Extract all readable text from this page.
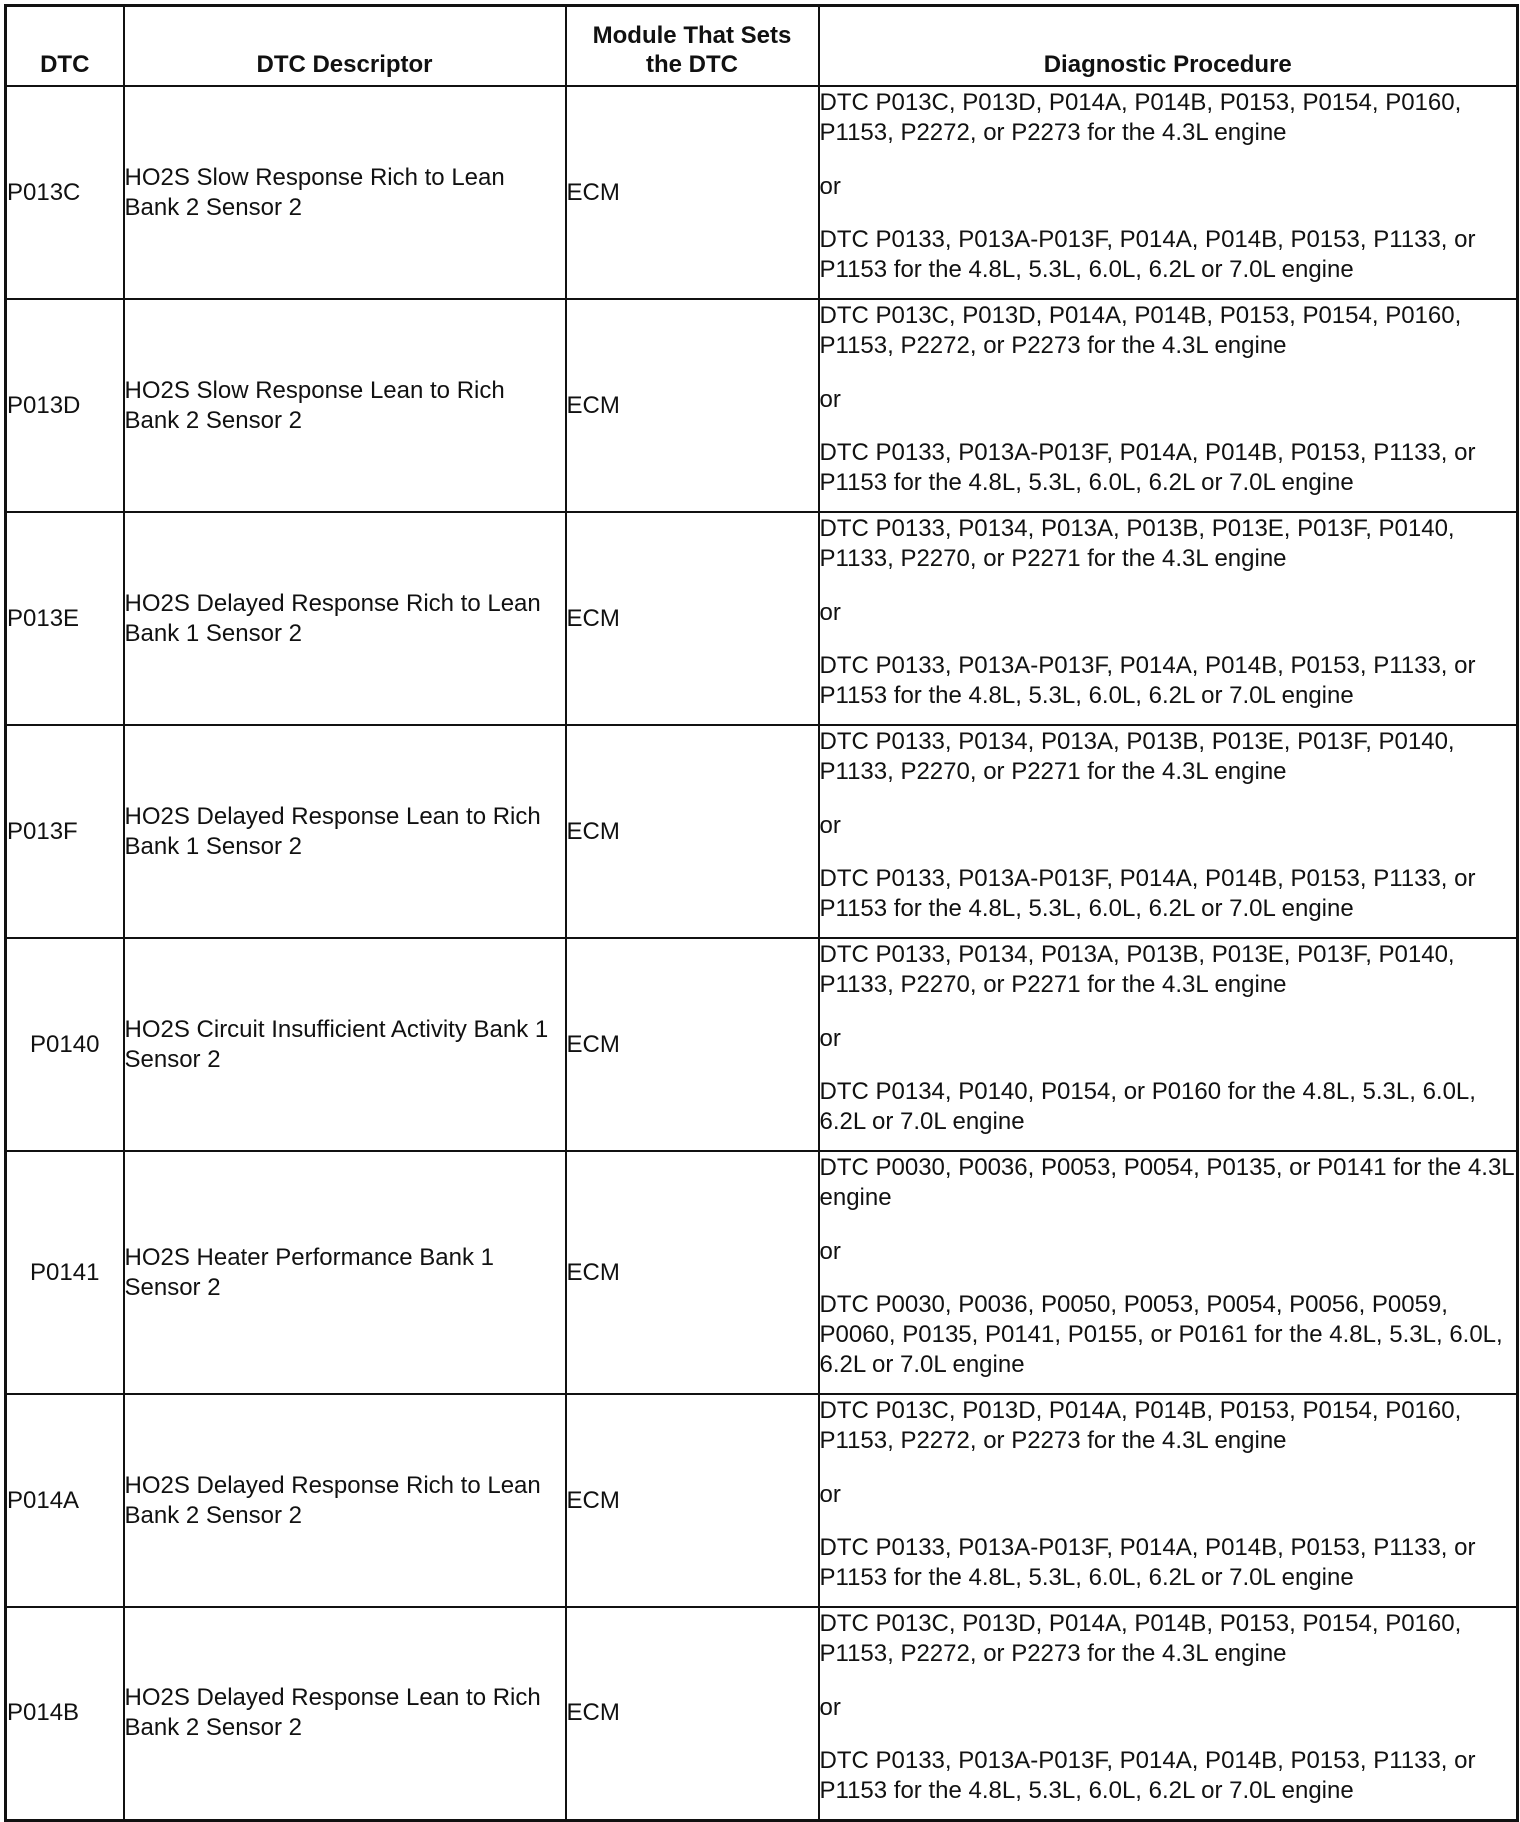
DTC	DTC Descriptor	Module That Sets the DTC	Diagnostic Procedure

P013C	HO2S Slow Response Rich to Lean Bank 2 Sensor 2	ECM	DTC P013C, P013D, P014A, P014B, P0153, P0154, P0160, P1153, P2272, or P2273 for the 4.3L engine
or
DTC P0133, P013A-P013F, P014A, P014B, P0153, P1133, or P1153 for the 4.8L, 5.3L, 6.0L, 6.2L or 7.0L engine

P013D	HO2S Slow Response Lean to Rich Bank 2 Sensor 2	ECM	DTC P013C, P013D, P014A, P014B, P0153, P0154, P0160, P1153, P2272, or P2273 for the 4.3L engine
or
DTC P0133, P013A-P013F, P014A, P014B, P0153, P1133, or P1153 for the 4.8L, 5.3L, 6.0L, 6.2L or 7.0L engine

P013E	HO2S Delayed Response Rich to Lean Bank 1 Sensor 2	ECM	DTC P0133, P0134, P013A, P013B, P013E, P013F, P0140, P1133, P2270, or P2271 for the 4.3L engine
or
DTC P0133, P013A-P013F, P014A, P014B, P0153, P1133, or P1153 for the 4.8L, 5.3L, 6.0L, 6.2L or 7.0L engine

P013F	HO2S Delayed Response Lean to Rich Bank 1 Sensor 2	ECM	DTC P0133, P0134, P013A, P013B, P013E, P013F, P0140, P1133, P2270, or P2271 for the 4.3L engine
or
DTC P0133, P013A-P013F, P014A, P014B, P0153, P1133, or P1153 for the 4.8L, 5.3L, 6.0L, 6.2L or 7.0L engine

P0140	HO2S Circuit Insufficient Activity Bank 1 Sensor 2	ECM	DTC P0133, P0134, P013A, P013B, P013E, P013F, P0140, P1133, P2270, or P2271 for the 4.3L engine
or
DTC P0134, P0140, P0154, or P0160 for the 4.8L, 5.3L, 6.0L, 6.2L or 7.0L engine

P0141	HO2S Heater Performance Bank 1 Sensor 2	ECM	DTC P0030, P0036, P0053, P0054, P0135, or P0141 for the 4.3L engine
or
DTC P0030, P0036, P0050, P0053, P0054, P0056, P0059, P0060, P0135, P0141, P0155, or P0161 for the 4.8L, 5.3L, 6.0L, 6.2L or 7.0L engine

P014A	HO2S Delayed Response Rich to Lean Bank 2 Sensor 2	ECM	DTC P013C, P013D, P014A, P014B, P0153, P0154, P0160, P1153, P2272, or P2273 for the 4.3L engine
or
DTC P0133, P013A-P013F, P014A, P014B, P0153, P1133, or P1153 for the 4.8L, 5.3L, 6.0L, 6.2L or 7.0L engine

P014B	HO2S Delayed Response Lean to Rich Bank 2 Sensor 2	ECM	DTC P013C, P013D, P014A, P014B, P0153, P0154, P0160, P1153, P2272, or P2273 for the 4.3L engine
or
DTC P0133, P013A-P013F, P014A, P014B, P0153, P1133, or P1153 for the 4.8L, 5.3L, 6.0L, 6.2L or 7.0L engine
